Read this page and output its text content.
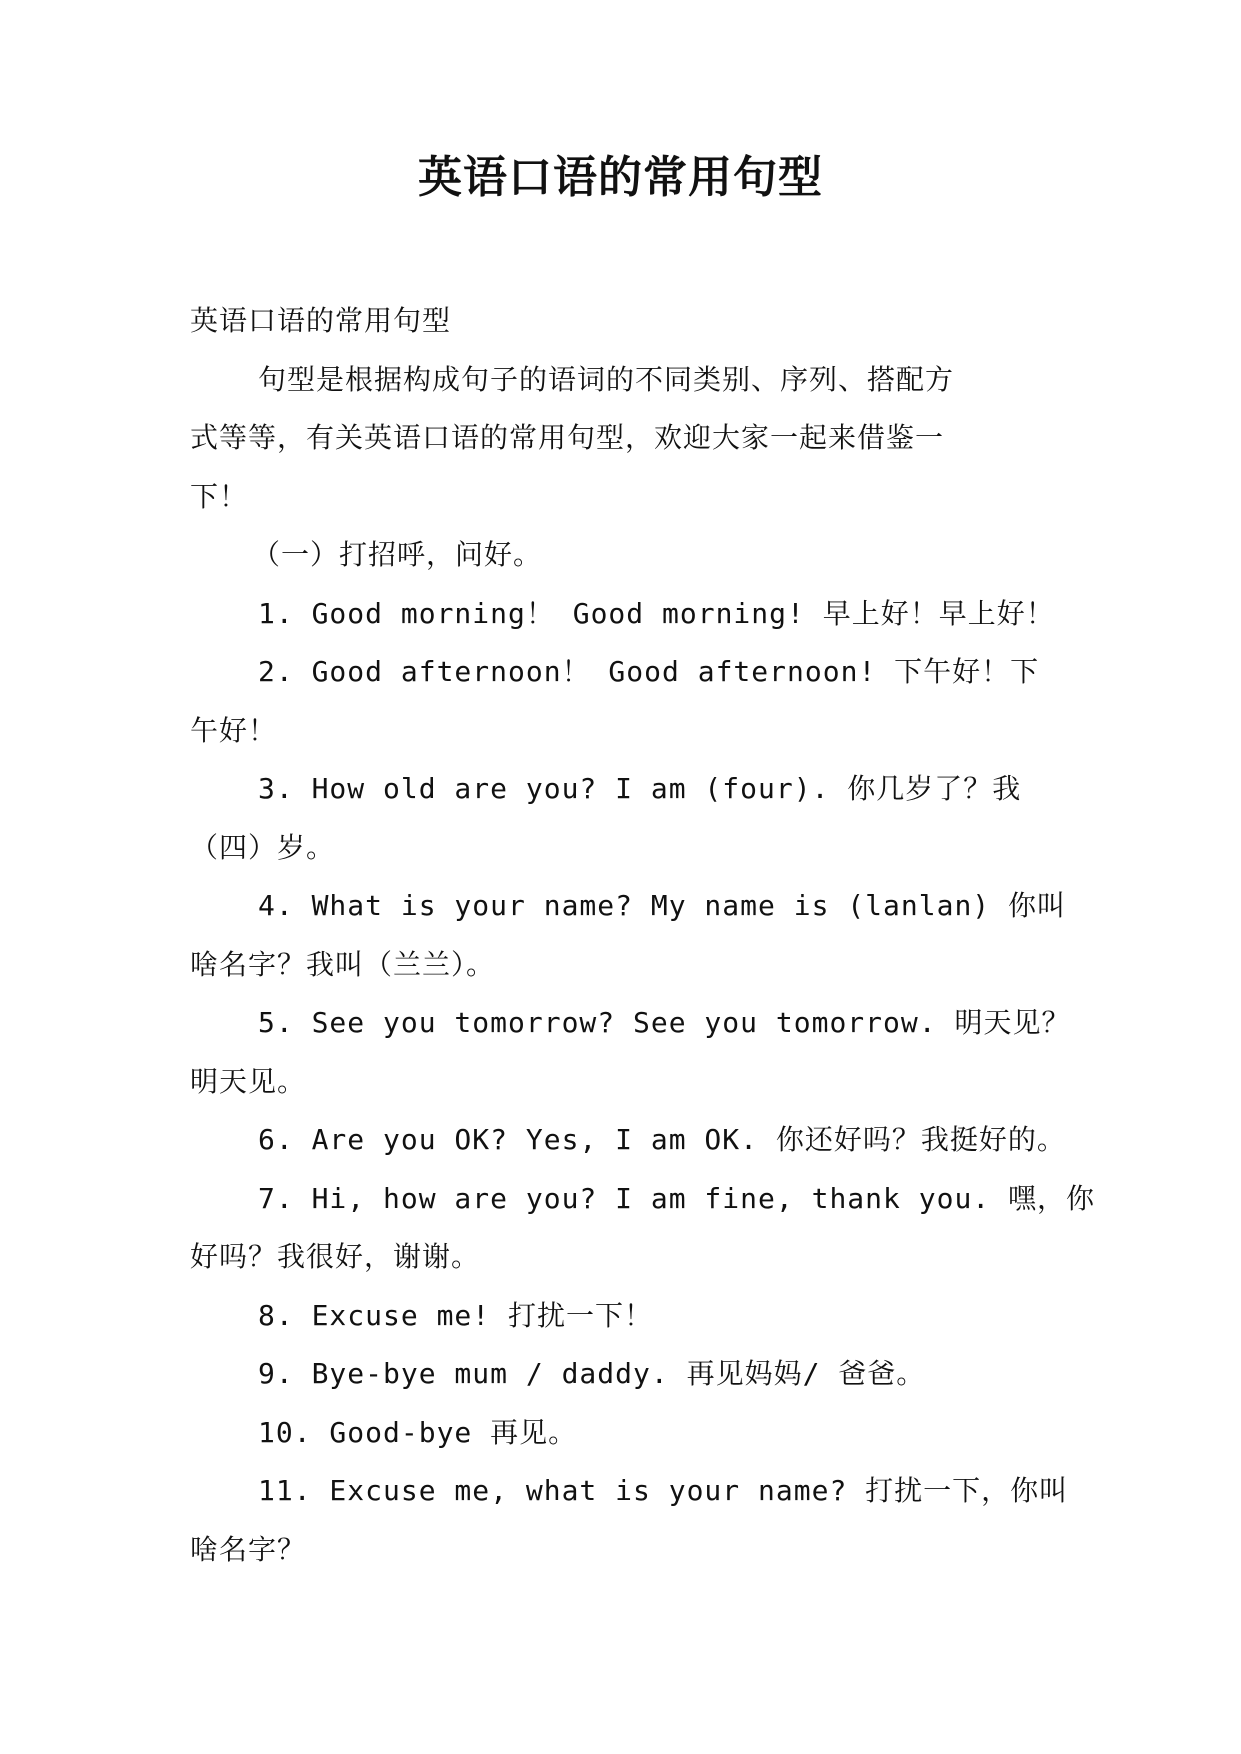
英语口语的常用句型

英语口语的常用句型

句型是根据构成句子的语词的不同类别、序列、搭配方

式等等，有关英语口语的常用句型，欢迎大家一起来借鉴一

下！

（一）打招呼，问好。

1. Good morning！ Good morning! 早上好！早上好！

2. Good afternoon！ Good afternoon! 下午好！下

午好！

3. How old are you? I am (four). 你几岁了？我

（四）岁。

4. What is your name? My name is (lanlan) 你叫

啥名字？我叫（兰兰）。

5. See you tomorrow? See you tomorrow. 明天见？

明天见。

6. Are you OK? Yes, I am OK. 你还好吗？我挺好的。

7. Hi, how are you? I am fine, thank you. 嘿，你

好吗？我很好，谢谢。

8. Excuse me! 打扰一下！

9. Bye-bye mum / daddy. 再见妈妈/ 爸爸。

10. Good-bye 再见。

11. Excuse me, what is your name? 打扰一下，你叫

啥名字？
